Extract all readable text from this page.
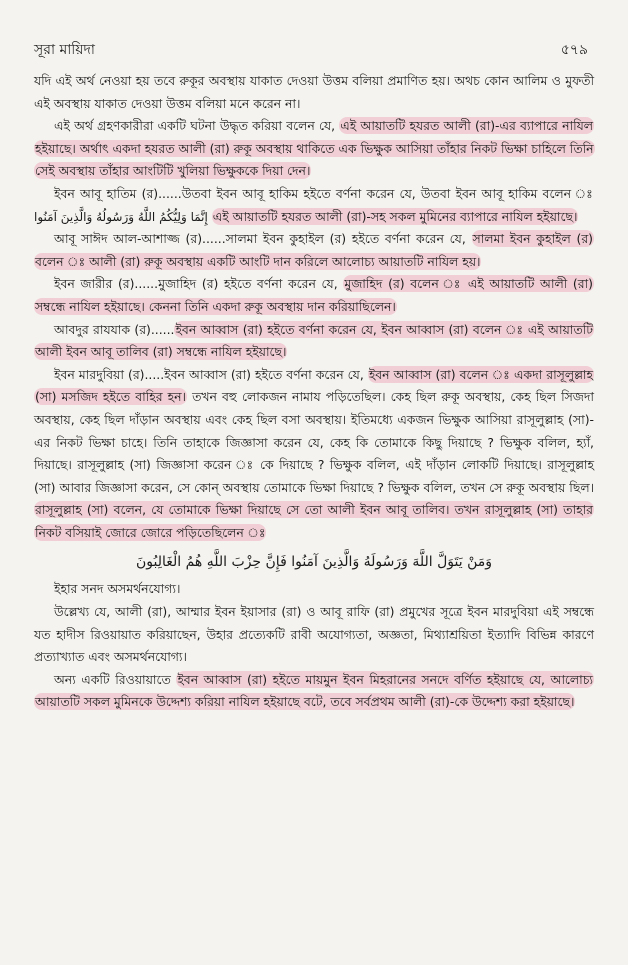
সূরা মায়িদা	৫৭৯

যদি এই অর্থ নেওয়া হয় তবে রুকূর অবস্থায় যাকাত দেওয়া উত্তম বলিয়া প্রমাণিত হয়। অথচ কোন আলিম ও মুফতী এই অবস্থায় যাকাত দেওয়া উত্তম বলিয়া মনে করেন না।

এই অর্থ গ্রহণকারীরা একটি ঘটনা উদ্ধৃত করিয়া বলেন যে, এই আয়াতটি হযরত আলী (রা)-এর ব্যাপারে নাযিল হইয়াছে। অর্থাৎ একদা হযরত আলী (রা) রুকূ অবস্থায় থাকিতে এক ভিক্ষুক আসিয়া তাঁহার নিকট ভিক্ষা চাহিলে তিনি সেই অবস্থায় তাঁহার আংটিটি খুলিয়া ভিক্ষুককে দিয়া দেন।

ইবন আবূ হাতিম (র)......উতবা ইবন আবূ হাকিম হইতে বর্ণনা করেন যে, উতবা ইবন আবূ হাকিম বলেন ঃ إِنَّمَا وَلِيُّكُمُ اللَّهُ وَرَسُولُهُ وَالَّذِينَ آمَنُوا এই আয়াতটি হযরত আলী (রা)-সহ সকল মুমিনের ব্যাপারে নাযিল হইয়াছে।

আবূ সাঈদ আল-আশাজ্জ (র)......সালমা ইবন কুহাইল (র) হইতে বর্ণনা করেন যে, সালমা ইবন কুহাইল (র) বলেন ঃ আলী (রা) রুকূ অবস্থায় একটি আংটি দান করিলে আলোচ্য আয়াতটি নাযিল হয়।

ইবন জারীর (র)......মুজাহিদ (র) হইতে বর্ণনা করেন যে, মুজাহিদ (র) বলেন ঃ এই আয়াতটি আলী (রা) সম্বন্ধে নাযিল হইয়াছে। কেননা তিনি একদা রুকূ অবস্থায় দান করিয়াছিলেন।

আবদুর রাযযাক (র)......ইবন আব্বাস (রা) হইতে বর্ণনা করেন যে, ইবন আব্বাস (রা) বলেন ঃ এই আয়াতটি আলী ইবন আবূ তালিব (রা) সম্বন্ধে নাযিল হইয়াছে।

ইবন মারদুবিয়া (র).....ইবন আব্বাস (রা) হইতে বর্ণনা করেন যে, ইবন আব্বাস (রা) বলেন ঃ একদা রাসূলুল্লাহ (সা) মসজিদ হইতে বাহির হন। তখন বহু লোকজন নামায পড়িতেছিল। কেহ ছিল রুকূ অবস্থায়, কেহ ছিল সিজদা অবস্থায়, কেহ ছিল দাঁড়ান অবস্থায় এবং কেহ ছিল বসা অবস্থায়। ইতিমধ্যে একজন ভিক্ষুক আসিয়া রাসূলুল্লাহ (সা)-এর নিকট ভিক্ষা চাহে। তিনি তাহাকে জিজ্ঞাসা করেন যে, কেহ কি তোমাকে কিছু দিয়াছে ? ভিক্ষুক বলিল, হ্যাঁ, দিয়াছে। রাসূলুল্লাহ (সা) জিজ্ঞাসা করেন ঃ কে দিয়াছে ? ভিক্ষুক বলিল, এই দাঁড়ান লোকটি দিয়াছে। রাসূলুল্লাহ (সা) আবার জিজ্ঞাসা করেন, সে কোন্ অবস্থায় তোমাকে ভিক্ষা দিয়াছে ? ভিক্ষুক বলিল, তখন সে রুকূ অবস্থায় ছিল। রাসূলুল্লাহ (সা) বলেন, যে তোমাকে ভিক্ষা দিয়াছে সে তো আলী ইবন আবূ তালিব। তখন রাসূলুল্লাহ (সা) তাহার নিকট বসিয়াই জোরে জোরে পড়িতেছিলেন ঃ

وَمَنْ يَتَوَلَّ اللَّهَ وَرَسُولَهُ وَالَّذِينَ آمَنُوا فَإِنَّ حِزْبَ اللَّهِ هُمُ الْغَالِبُونَ

ইহার সনদ অসমর্থনযোগ্য।

উল্লেখ্য যে, আলী (রা), আম্মার ইবন ইয়াসার (রা) ও আবূ রাফি (রা) প্রমুখের সূত্রে ইবন মারদুবিয়া এই সম্বন্ধে যত হাদীস রিওয়ায়াত করিয়াছেন, উহার প্রত্যেকটি রাবী অযোগ্যতা, অজ্ঞতা, মিথ্যাশ্রয়িতা ইত্যাদি বিভিন্ন কারণে প্রত্যাখ্যাত এবং অসমর্থনযোগ্য।

অন্য একটি রিওয়ায়াতে ইবন আব্বাস (রা) হইতে মায়মুন ইবন মিহরানের সনদে বর্ণিত হইয়াছে যে, আলোচ্য আয়াতটি সকল মুমিনকে উদ্দেশ্য করিয়া নাযিল হইয়াছে বটে, তবে সর্বপ্রথম আলী (রা)-কে উদ্দেশ্য করা হইয়াছে।
